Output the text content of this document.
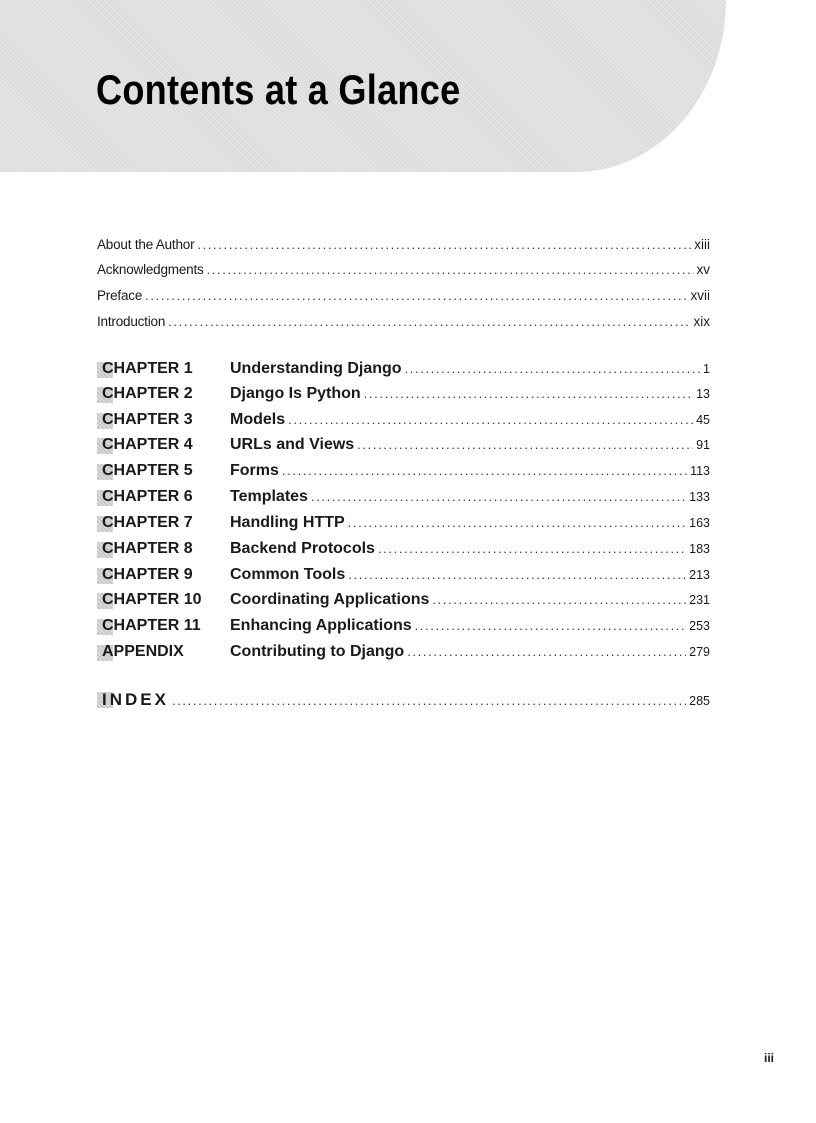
Contents at a Glance
About the Author . . .	xiii
Acknowledgments . . .	xv
Preface . . .	xvii
Introduction . . .	xix
CHAPTER 1	Understanding Django . . .	1
CHAPTER 2	Django Is Python . . .	13
CHAPTER 3	Models . . .	45
CHAPTER 4	URLs and Views . . .	91
CHAPTER 5	Forms . . .	113
CHAPTER 6	Templates . . .	133
CHAPTER 7	Handling HTTP . . .	163
CHAPTER 8	Backend Protocols . . .	183
CHAPTER 9	Common Tools . . .	213
CHAPTER 10	Coordinating Applications . . .	231
CHAPTER 11	Enhancing Applications . . .	253
APPENDIX	Contributing to Django . . .	279
INDEX . . .	285
iii
